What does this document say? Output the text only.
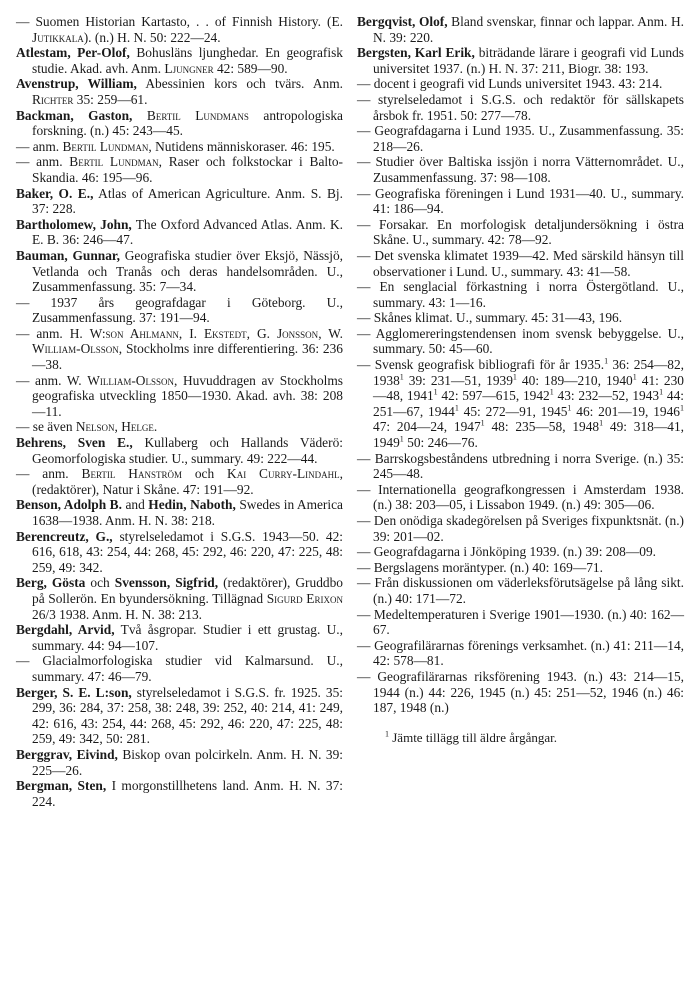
— Suomen Historian Kartasto, . . of Finnish History. (E. Jutikkala). (n.) H. N. 50: 222—24.

Atlestam, Per-Olof, Bohusläns ljunghedar. En geografisk studie. Akad. avh. Anm. Ljungner 42: 589—90.

Avenstrup, William, Abessinien kors och tvärs. Anm. Richter 35: 259—61.

Backman, Gaston, Bertil Lundmans antropologiska forskning. (n.) 45: 243—45.

— anm. Bertil Lundman, Nutidens människoraser. 46: 195.

— anm. Bertil Lundman, Raser och folkstockar i Balto-Skandia. 46: 195—96.

Baker, O. E., Atlas of American Agriculture. Anm. S. Bj. 37: 228.

Bartholomew, John, The Oxford Advanced Atlas. Anm. K. E. B. 36: 246—47.

Bauman, Gunnar, Geografiska studier över Eksjö, Nässjö, Vetlanda och Tranås och deras handelsområden. U., Zusammenfassung. 35: 7—34.

— 1937 års geografdagar i Göteborg. U., Zusammenfassung. 37: 191—94.

— anm. H. W:son Ahlmann, I. Ekstedt, G. Jonsson, W. William-Olsson, Stockholms inre differentiering. 36: 236—38.

— anm. W. William-Olsson, Huvuddragen av Stockholms geografiska utveckling 1850—1930. Akad. avh. 38: 208—11.

— se även Nelson, Helge.

Behrens, Sven E., Kullaberg och Hallands Väderö: Geomorfologiska studier. U., summary. 49: 222—44.

— anm. Bertil Hanström och Kai Curry-Lindahl, (redaktörer), Natur i Skåne. 47: 191—92.

Benson, Adolph B. and Hedin, Naboth, Swedes in America 1638—1938. Anm. H. N. 38: 218.

Berencreutz, G., styrelseledamot i S.G.S. 1943—50. 42: 616, 618, 43: 254, 44: 268, 45: 292, 46: 220, 47: 225, 48: 259, 49: 342.

Berg, Gösta och Svensson, Sigfrid, (redaktörer), Gruddbo på Sollerön. En byundersökning. Tillägnad Sigurd Erixon 26/3 1938. Anm. H. N. 38: 213.

Bergdahl, Arvid, Två åsgropar. Studier i ett grustag. U., summary. 44: 94—107.

— Glacialmorfologiska studier vid Kalmarsund. U., summary. 47: 46—79.

Berger, S. E. L:son, styrelseledamot i S.G.S. fr. 1925. 35: 299, 36: 284, 37: 258, 38: 248, 39: 252, 40: 214, 41: 249, 42: 616, 43: 254, 44: 268, 45: 292, 46: 220, 47: 225, 48: 259, 49: 342, 50: 281.

Berggrav, Eivind, Biskop ovan polcirkeln. Anm. H. N. 39: 225—26.

Bergman, Sten, I morgonstillhetens land. Anm. H. N. 37: 224.

Bergqvist, Olof, Bland svenskar, finnar och lappar. Anm. H. N. 39: 220.

Bergsten, Karl Erik, biträdande lärare i geografi vid Lunds universitet 1937. (n.) H. N. 37: 211, Biogr. 38: 193.

— docent i geografi vid Lunds universitet 1943. 43: 214.

— styrelseledamot i S.G.S. och redaktör för sällskapets årsbok fr. 1951. 50: 277—78.

— Geografdagarna i Lund 1935. U., Zusammenfassung. 35: 218—26.

— Studier över Baltiska issjön i norra Vätternområdet. U., Zusammenfassung. 37: 98—108.

— Geografiska föreningen i Lund 1931—40. U., summary. 41: 186—94.

— Forsakar. En morfologisk detaljundersökning i östra Skåne. U., summary. 42: 78—92.

— Det svenska klimatet 1939—42. Med särskild hänsyn till observationer i Lund. U., summary. 43: 41—58.

— En senglacial förkastning i norra Östergötland. U., summary. 43: 1—16.

— Skånes klimat. U., summary. 45: 31—43, 196.

— Agglomereringstendensen inom svensk bebyggelse. U., summary. 50: 45—60.

— Svensk geografisk bibliografi för år 1935.$^1$ 36: 254—82, 1938$^1$ 39: 231—51, 1939$^1$ 40: 189—210, 1940$^1$ 41: 230—48, 1941$^1$ 42: 597—615, 1942$^1$ 43: 232—52, 1943$^1$ 44: 251—67, 1944$^1$ 45: 272—91, 1945$^1$ 46: 201—19, 1946$^1$ 47: 204—24, 1947$^1$ 48: 235—58, 1948$^1$ 49: 318—41, 1949$^1$ 50: 246—76.

— Barrskogsbeståndens utbredning i norra Sverige. (n.) 35: 245—48.

— Internationella geografkongressen i Amsterdam 1938. (n.) 38: 203—05, i Lissabon 1949. (n.) 49: 305—06.

— Den onödiga skadegörelsen på Sveriges fixpunktsnät. (n.) 39: 201—02.

— Geografdagarna i Jönköping 1939. (n.) 39: 208—09.

— Bergslagens moräntyper. (n.) 40: 169—71.

— Från diskussionen om väderleksförutsägelse på lång sikt. (n.) 40: 171—72.

— Medeltemperaturen i Sverige 1901—1930. (n.) 40: 162—67.

— Geografilärarnas förenings verksamhet. (n.) 41: 211—14, 42: 578—81.

— Geografilärarnas riksförening 1943. (n.) 43: 214—15, 1944 (n.) 44: 226, 1945 (n.) 45: 251—52, 1946 (n.) 46: 187, 1948 (n.)

$^1$ Jämte tillägg till äldre årgångar.
